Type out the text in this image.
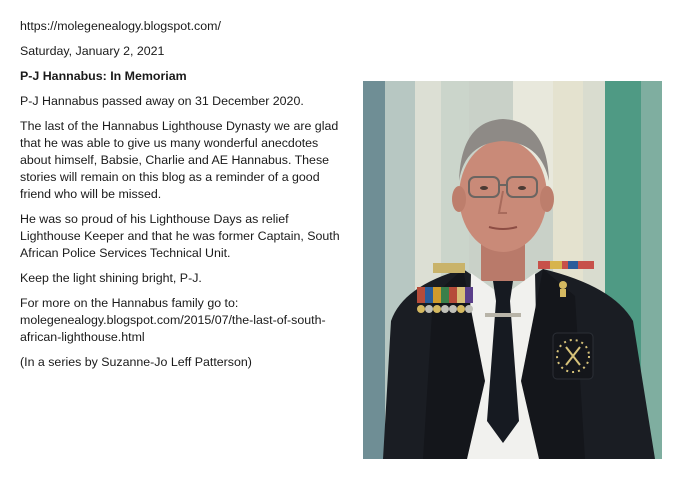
https://molegenealogy.blogspot.com/

Saturday, January 2, 2021

P-J Hannabus: In Memoriam

P-J Hannabus passed away on 31 December 2020.

The last of the Hannabus Lighthouse Dynasty we are glad that he was able to give us many wonderful anecdotes about himself, Babsie, Charlie and AE Hannabus. These stories will remain on this blog as a reminder of a good friend who will be missed.

He was so proud of his Lighthouse Days as relief Lighthouse Keeper and that he was former Captain, South African Police Services Technical Unit.

Keep the light shining bright, P-J.

For more on the Hannabus family go to: molegenealogy.blogspot.com/2015/07/the-last-of-south-african-lighthouse.html

(In a series by Suzanne-Jo Leff Patterson)
